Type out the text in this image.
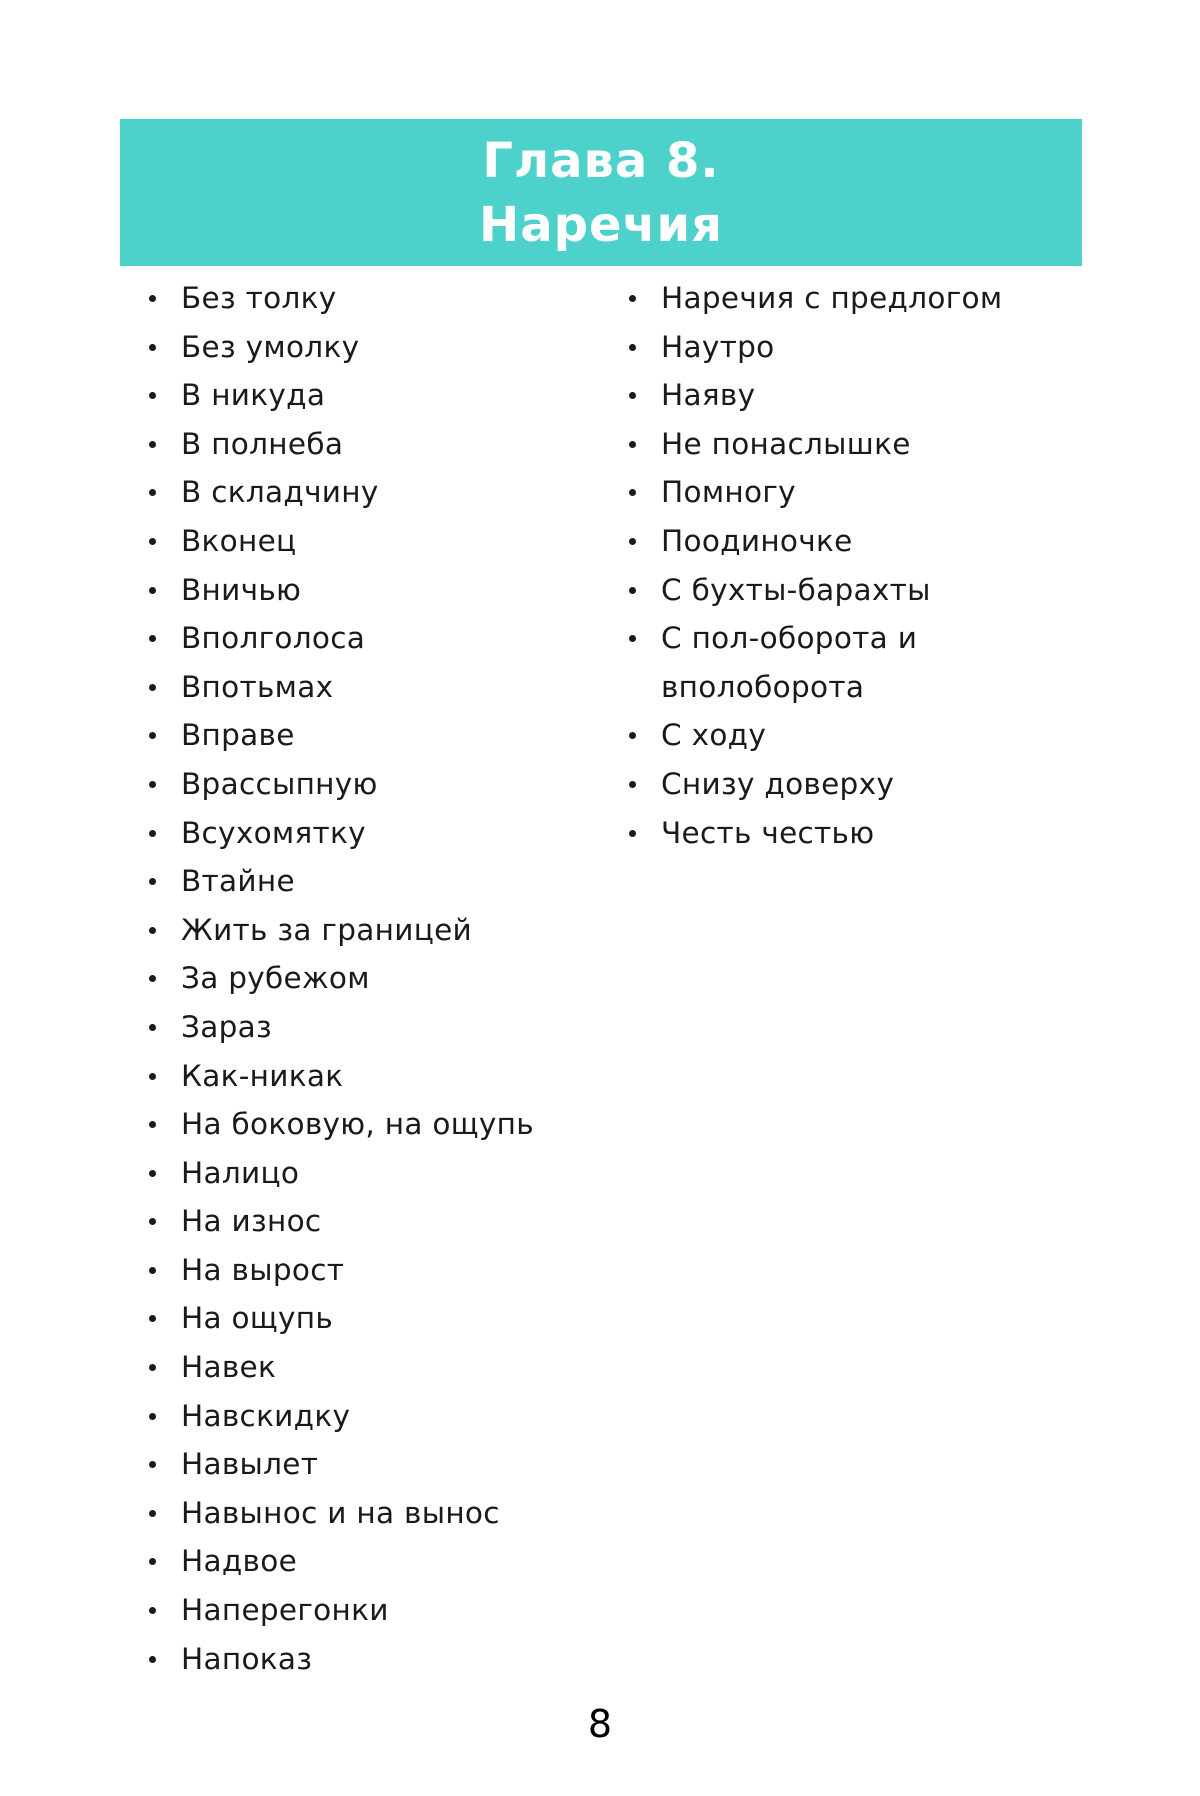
Глава 8.
Наречия
Без толку
Без умолку
В никуда
В полнеба
В складчину
Вконец
Вничью
Вполголоса
Впотьмах
Вправе
Врассыпную
Всухомятку
Втайне
Жить за границей
За рубежом
Зараз
Как-никак
На боковую, на ощупь
Налицо
На износ
На вырост
На ощупь
Навек
Навскидку
Навылет
Навынос и на вынос
Надвое
Наперегонки
Напоказ
Наречия с предлогом
Наутро
Наяву
Не понаслышке
Помногу
Поодиночке
С бухты-барахты
С пол-оборота и вполоборота
С ходу
Снизу доверху
Честь честью
8
